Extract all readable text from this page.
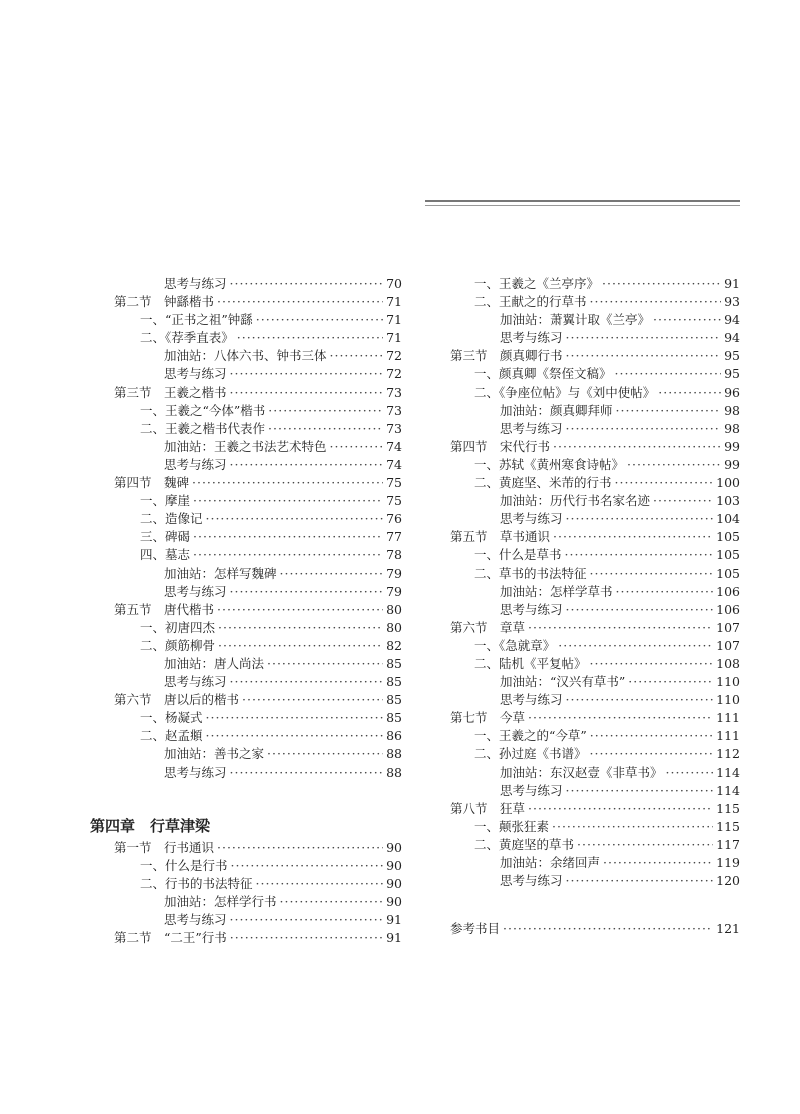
思考与练习 ·····	70
第二节　钟繇楷书 ·····	71
一、“正书之祖”钟繇 ·····	71
二、《荐季直表》 ·····	71
加油站：八体六书、钟书三体 ·····	72
思考与练习 ·····	72
第三节　王羲之楷书 ·····	73
一、王羲之“今体”楷书 ·····	73
二、王羲之楷书代表作 ·····	73
加油站：王羲之书法艺术特色 ·····	74
思考与练习 ·····	74
第四节　魏碑 ·····	75
一、摩崖 ·····	75
二、造像记 ·····	76
三、碑碣 ·····	77
四、墓志 ·····	78
加油站：怎样写魏碑 ·····	79
思考与练习 ·····	79
第五节　唐代楷书 ·····	80
一、初唐四杰 ·····	80
二、颜筋柳骨 ·····	82
加油站：唐人尚法 ·····	85
思考与练习 ·····	85
第六节　唐以后的楷书 ·····	85
一、杨凝式 ·····	85
二、赵孟頫 ·····	86
加油站：善书之家 ·····	88
思考与练习 ·····	88
第四章　行草津梁
第一节　行书通识 ·····	90
一、什么是行书 ·····	90
二、行书的书法特征 ·····	90
加油站：怎样学行书 ·····	90
思考与练习 ·····	91
第二节　“二王”行书 ·····	91
一、王羲之《兰亭序》 ·····	91
二、王献之的行草书 ·····	93
加油站：萧翼计取《兰亭》 ·····	94
思考与练习 ·····	94
第三节　颜真卿行书 ·····	95
一、颜真卿《祭侄文稿》 ·····	95
二、《争座位帖》与《刘中使帖》 ·····	96
加油站：颜真卿拜师 ·····	98
思考与练习 ·····	98
第四节　宋代行书 ·····	99
一、苏轼《黄州寒食诗帖》 ·····	99
二、黄庭坚、米芾的行书 ·····	100
加油站：历代行书名家名迹 ·····	103
思考与练习 ·····	104
第五节　草书通识 ·····	105
一、什么是草书 ·····	105
二、草书的书法特征 ·····	105
加油站：怎样学草书 ·····	106
思考与练习 ·····	106
第六节　章草 ·····	107
一、《急就章》 ·····	107
二、陆机《平复帖》 ·····	108
加油站：“汉兴有草书” ·····	110
思考与练习 ·····	110
第七节　今草 ·····	111
一、王羲之的“今草” ·····	111
二、孙过庭《书谱》 ·····	112
加油站：东汉赵壹《非草书》 ·····	114
思考与练习 ·····	114
第八节　狂草 ·····	115
一、颠张狂素 ·····	115
二、黄庭坚的草书 ·····	117
加油站：余绪回声 ·····	119
思考与练习 ·····	120
参考书目 ·····	121
